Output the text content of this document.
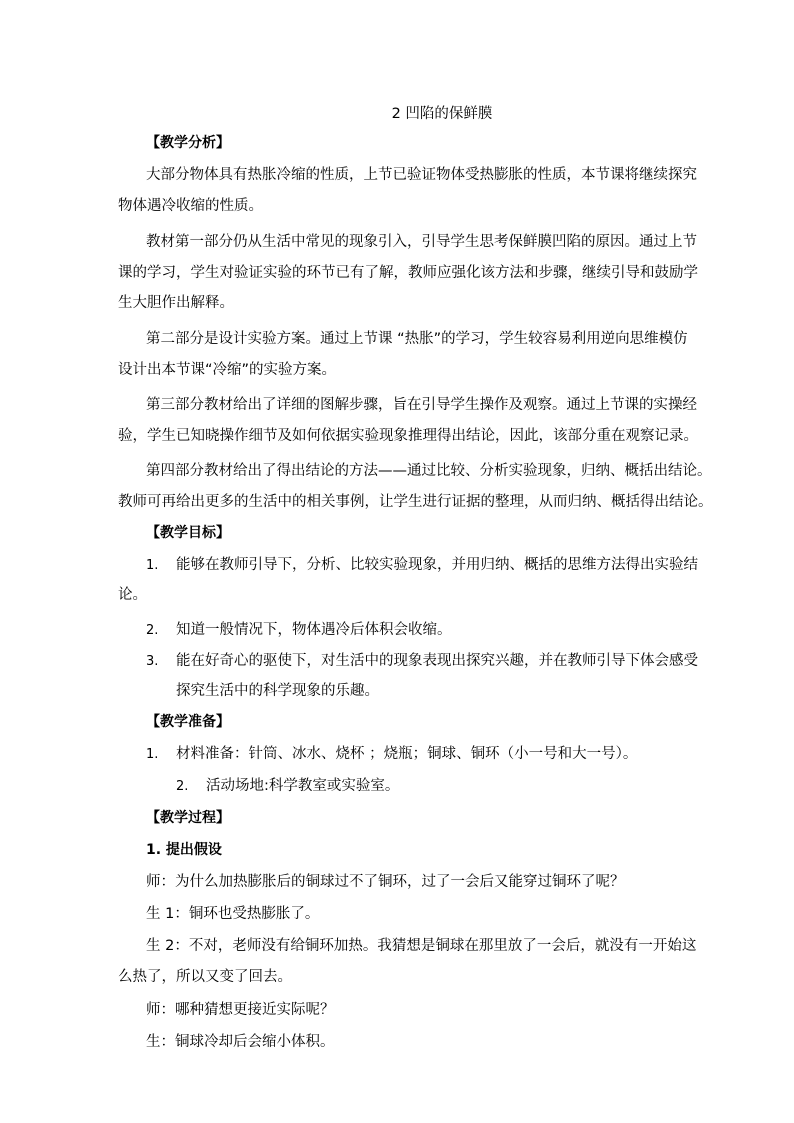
2 凹陷的保鲜膜
【教学分析】
大部分物体具有热胀冷缩的性质，上节已验证物体受热膨胀的性质，本节课将继续探究
物体遇冷收缩的性质。
教材第一部分仍从生活中常见的现象引入，引导学生思考保鲜膜凹陷的原因。通过上节
课的学习，学生对验证实验的环节已有了解，教师应强化该方法和步骤，继续引导和鼓励学
生大胆作出解释。
第二部分是设计实验方案。通过上节课 “热胀”的学习，学生较容易利用逆向思维模仿
设计出本节课“冷缩”的实验方案。
第三部分教材给出了详细的图解步骤，旨在引导学生操作及观察。通过上节课的实操经
验，学生已知晓操作细节及如何依据实验现象推理得出结论，因此，该部分重在观察记录。
第四部分教材给出了得出结论的方法——通过比较、分析实验现象，归纳、概括出结论。
教师可再给出更多的生活中的相关事例，让学生进行证据的整理，从而归纳、概括得出结论。
【教学目标】
1. 能够在教师引导下，分析、比较实验现象，并用归纳、概括的思维方法得出实验结
论。
2. 知道一般情况下，物体遇冷后体积会收缩。
3. 能在好奇心的驱使下，对生活中的现象表现出探究兴趣，并在教师引导下体会感受
探究生活中的科学现象的乐趣。
【教学准备】
1. 材料准备：针筒、冰水、烧杯 ；烧瓶；铜球、铜环（小一号和大一号）。
2. 活动场地:科学教室或实验室。
【教学过程】
1. 提出假设
师：为什么加热膨胀后的铜球过不了铜环，过了一会后又能穿过铜环了呢？
生 1：铜环也受热膨胀了。
生 2：不对，老师没有给铜环加热。我猜想是铜球在那里放了一会后，就没有一开始这
么热了，所以又变了回去。
师：哪种猜想更接近实际呢？
生：铜球冷却后会缩小体积。
